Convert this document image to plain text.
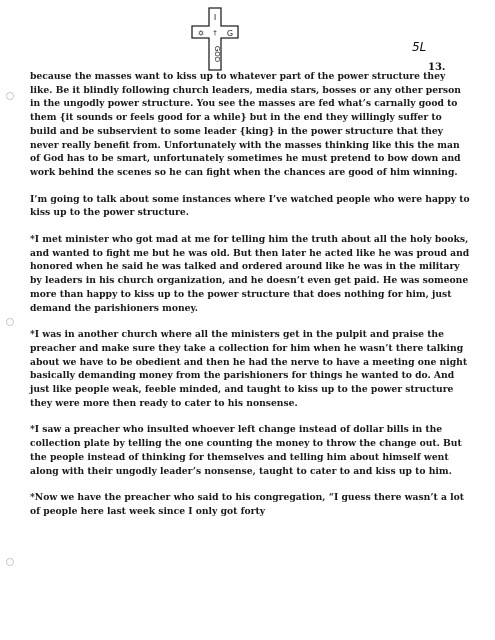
I
†
✡	G
GOD	5L
13.

because the masses want to kiss up to whatever part of the power structure they like. Be it blindly following church leaders, media stars, bosses or any other person in the ungodly power structure. You see the masses are fed what’s carnally good to them {it sounds or feels good for a while} but in the end they willingly suffer to build and be subservient to some leader {king} in the power structure that they never really benefit from. Unfortunately with the masses thinking like this the man of God has to be smart, unfortunately sometimes he must pretend to bow down and work behind the scenes so he can fight when the chances are good of him winning.

I’m going to talk about some instances where I’ve watched people who were happy to kiss up to the power structure.

*I met minister who got mad at me for telling him the truth about all the holy books, and wanted to fight me but he was old. But then later he acted like he was proud and honored when he said he was talked and ordered around like he was in the military by leaders in his church organization, and he doesn’t even get paid. He was someone more than happy to kiss up to the power structure that does nothing for him, just demand the parishioners money.

*I was in another church where all the ministers get in the pulpit and praise the preacher and make sure they take a collection for him when he wasn’t there talking about we have to be obedient and then he had the nerve to have a meeting one night basically demanding money from the parishioners for things he wanted to do. And just like people weak, feeble minded, and taught to kiss up to the power structure they were more then ready to cater to his nonsense.

*I saw a preacher who insulted whoever left change instead of dollar bills in the collection plate by telling the one counting the money to throw the change out. But the people instead of thinking for themselves and telling him about himself went along with their ungodly leader’s nonsense, taught to cater to and kiss up to him.

*Now we have the preacher who said to his congregation, “I guess there wasn’t a lot of people here last week since I only got forty
